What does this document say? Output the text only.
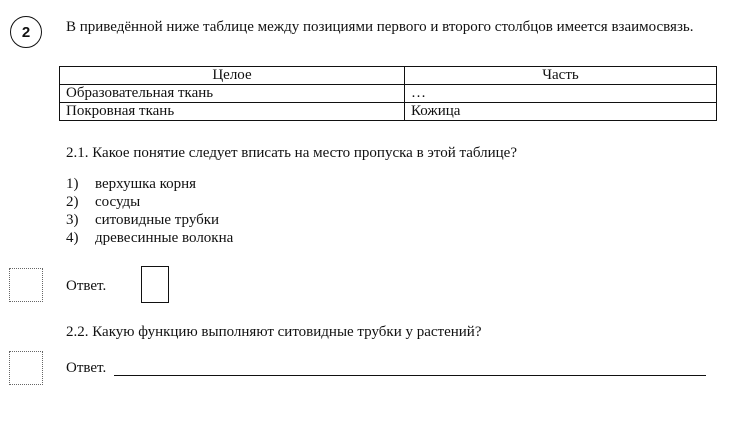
2	В приведённой ниже таблице между позициями первого и второго столбцов имеется взаимосвязь.
Целое	Часть
Образовательная ткань	…
Покровная ткань	Кожица
2.1. Какое понятие следует вписать на место пропуска в этой таблице?
1)	верхушка корня
2)	сосуды
3)	ситовидные трубки
4)	древесинные волокна
Ответ.
2.2. Какую функцию выполняют ситовидные трубки у растений?
Ответ.
